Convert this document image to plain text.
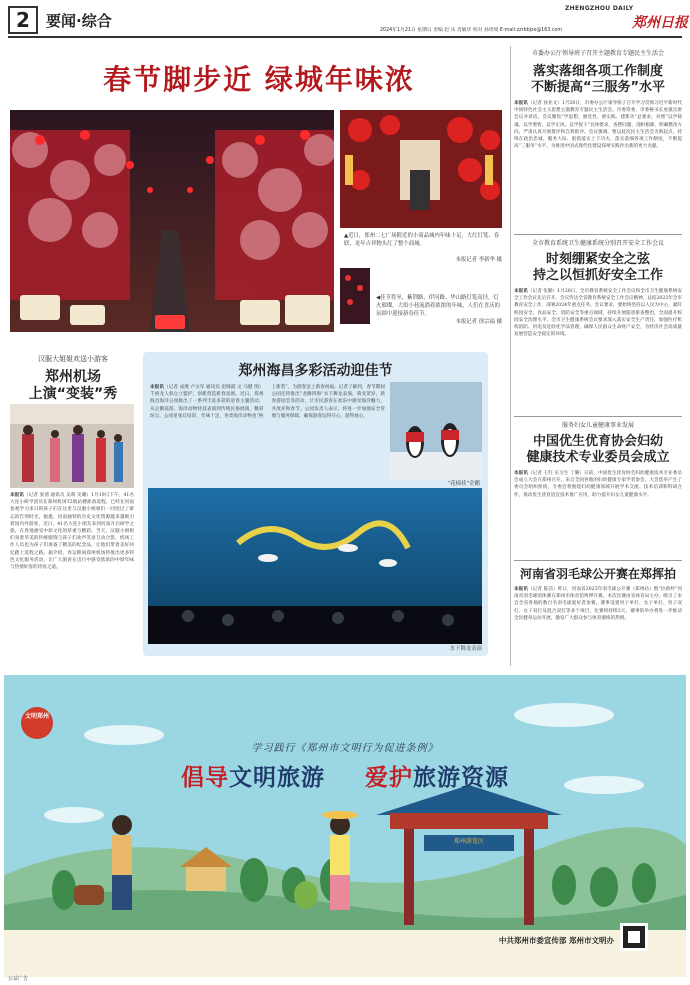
2	要闻·综合
ZHENGZHOU DAILY
郑州日报
2024年1月21日 星期日 责编 赵 乐 肖敏华 校对 孙玥瑶 E-mail:zzrbbjzx@163.com
春节脚步近 绿城年味浓
▲近日，郑州二七广场附近的小商品城内年味十足，大红灯笼、春联、龙年吉祥物头红了整个商城。
本报记者 李新华 摄
◀佳节将至，紫荆路、伊河路、华山路灯笼高挂，灯火璀璨，大街小巷流淌着浓浓的年味，人们在喜庆的氛围中迎接新春佳节。
本报记者 徐宗福 摄
汉服大姐姐欢送小游客
郑州机场
上演“变装”秀
本报讯（记者 张倩 通讯员 吴萌 史璐）1月19日下午，41名大连小研学团员在郑州机场T2航站楼准备返程，已经在河南参观学习多日的孩子们在这里与汉服小姐姐们一同度过了难忘的告别时光。据悉，河南独特的历史文化资源越来越吸引着国内外游客，近日，41名大连小朋友来到河南开启研学之旅，在各地感受中原文化的厚重与精彩。当天，汉服小姐姐们身着华美的传统服饰与孩子们欢声笑语互动合影，机场工作人员也为孩子们准备了精美的纪念品，让他们带着美好回忆踏上返程之路。据介绍，春运期间郑州机场将推出更多特色文化服务活动，让广大旅客在出行中感受浓浓的中原年味与热情好客的待客之道。
郑州海昌多彩活动迎佳节
本报讯（记者 成燕 卢文军 通讯员 赵晓霞 文 马健 图）千禧龙人机仓立盟护，创新营造新春氛围。近日，郑州海昌海洋公园推出了一系列丰富多彩的迎春主题活动，从企鹅巡游、海洋动物特技表演到传统民俗展演，精彩纷呈。公园里张灯结彩，年味十足，各类海洋动物也“换上新装”，为游客送上新春祝福。记者了解到，春节期间公园还将推出“龙腾四海”水下舞龙表演、萌宠贺岁、新春游园会等活动，让市民游客在欢乐中感受海洋魅力，共度祥和春节。公园负责人表示，将进一步加强安全管理与服务保障，确保游客玩得开心、游得放心。
“花棉袄”企鹅
水下舞龙表演
市委办公厅领导班子召开主题教育专题民主生活会
落实落细各项工作制度
不断提高“三服务”水平
本报讯（记者 孙亚文）1月20日，市委办公厅领导班子召开学习贯彻习近平新时代中国特色社会主义思想主题教育专题民主生活会。市委常委、市委秘书长虎强出席会议并讲话。会议聚焦“学思想、强党性、重实践、建新功”总要求，对照“以学铸魂、以学增智、以学正风、以学促干”具体要求，查摆问题、剖析根源、明确整改方向，严肃认真开展批评和自我批评。会议强调，要以此次民主生活会为新起点，持续在政治忠诚、服务大局、狠抓落实上下功夫，落实落细各项工作制度，不断提高“三服务”水平，为推进中国式现代化建设郑州实践作出新的更大贡献。
全市教育系统卫生健康系统分别召开安全工作会议
时刻绷紧安全之弦
持之以恒抓好安全工作
本报讯（记者 张勤）1月20日，全市教育系统安全工作会议和全市卫生健康系统安全工作会议先后召开。会议传达全省教育系统安全工作会议精神，总结2023年全市教育安全工作，部署2024年重点任务。会议要求，要始终坚持以人民为中心，紧盯校园安全、食品安全、消防安全等重点领域，持续开展隐患排查整治，全面提升校园安全治理水平。全市卫生健康系统会议要求深入落实安全生产责任，加强医疗机构消防、用电及危险化学品管理，确保人民群众生命财产安全，为经济社会高质量发展营造安全稳定的环境。
服务妇女儿童健康事业发展
中国优生优育协会妇幼
健康技术专业委员会成立
本报讯（记者 王红 实习生 丁璐）日前，中国优生优育协会妇幼健康技术专业委员会成立大会在郑州召开，来自全国各地的妇幼健康专家学者参会。大会选举产生了委员会组织机构，专委会将围绕妇幼健康领域开展学术交流、技术培训和科研合作，推动优生优育适宜技术推广应用，助力提升妇女儿童健康水平。
河南省羽毛球公开赛在郑挥拍
本报讯（记者 陈洁）昨日，河南省2023年羽毛球公开赛（郑州站）暨“拉新杯”河南省羽毛球团体赛在郑州市体育馆鸣锣开赛。本次比赛由省体育局主办，吸引了来自全省各地的数百名羽毛球爱好者参赛。赛事设置男子单打、女子单打、男子双打、女子双打及混合双打等多个项目，比赛将持续3天。赛事的举办将进一步推动全民健身运动开展，激发广大群众参与体育锻炼的热情。
文明郑州
学习践行《郑州市文明行为促进条例》
倡导文明旅游 爱护旅游资源
郑州游览区
中共郑州市委宣传部 郑州市文明办
公益广告
